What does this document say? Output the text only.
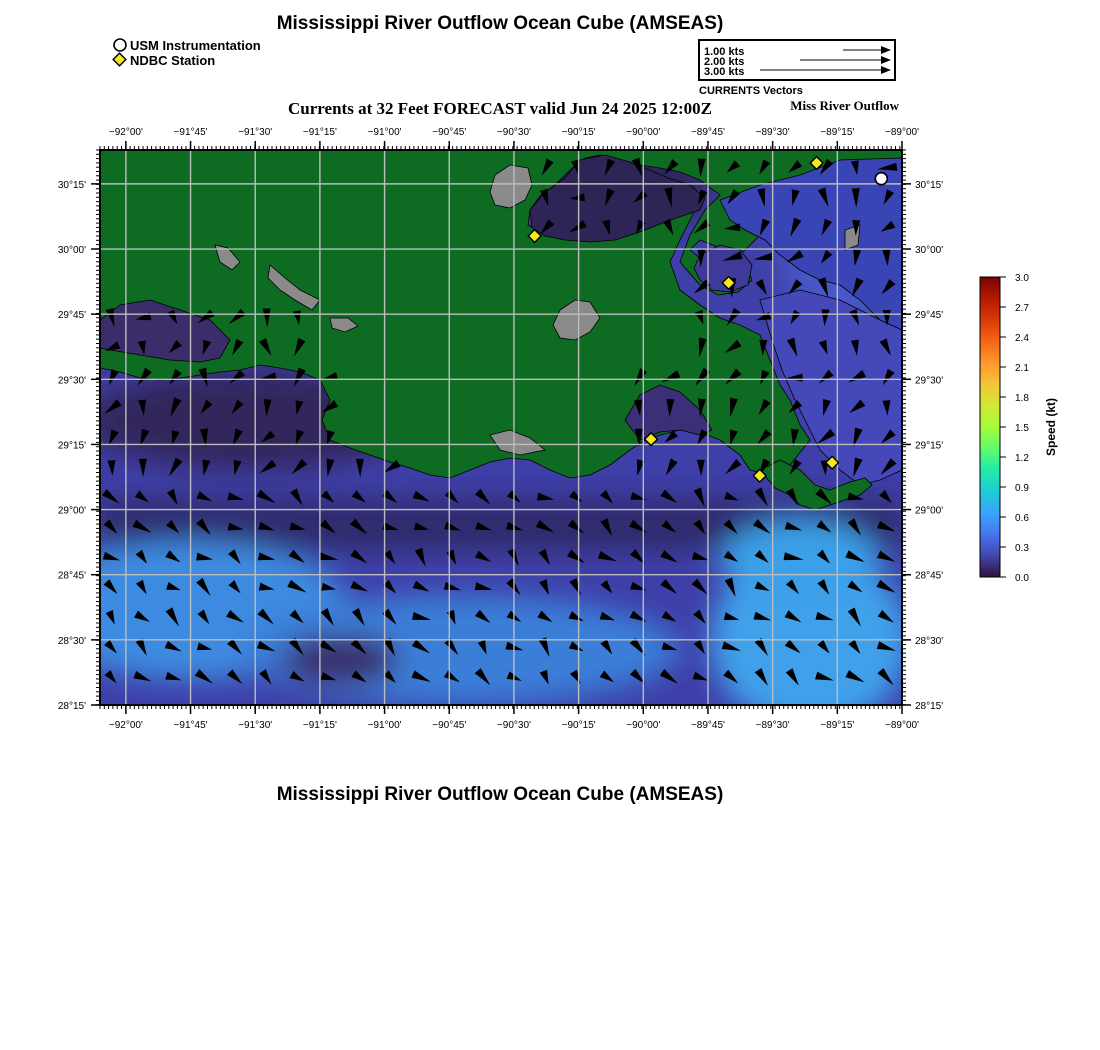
Mississippi River Outflow Ocean Cube (AMSEAS)
USM Instrumentation
NDBC Station
1.00 kts
2.00 kts
3.00 kts
CURRENTS Vectors
Currents at 32 Feet FORECAST valid Jun 24 2025 12:00Z	Miss River Outflow
−92°00'	−91°45'	−91°30'	−91°15'	−91°00'	−90°45'	−90°30'	−90°15'	−90°00'	−89°45'	−89°30'	−89°15'	−89°00'
−92°00'	−91°45'	−91°30'	−91°15'	−91°00'	−90°45'	−90°30'	−90°15'	−90°00'	−89°45'	−89°30'	−89°15'	−89°00'
30°15'
30°00'
29°45'
29°30'
29°15'
29°00'
28°45'
28°30'
28°15'
30°15'
30°00'
29°45'
29°30'
29°15'
29°00'
28°45'
28°30'
28°15'
3.0
2.7
2.4
2.1
1.8
1.5
1.2
0.9
0.6
0.3
0.0
Speed (kt)
Mississippi River Outflow Ocean Cube (AMSEAS)
